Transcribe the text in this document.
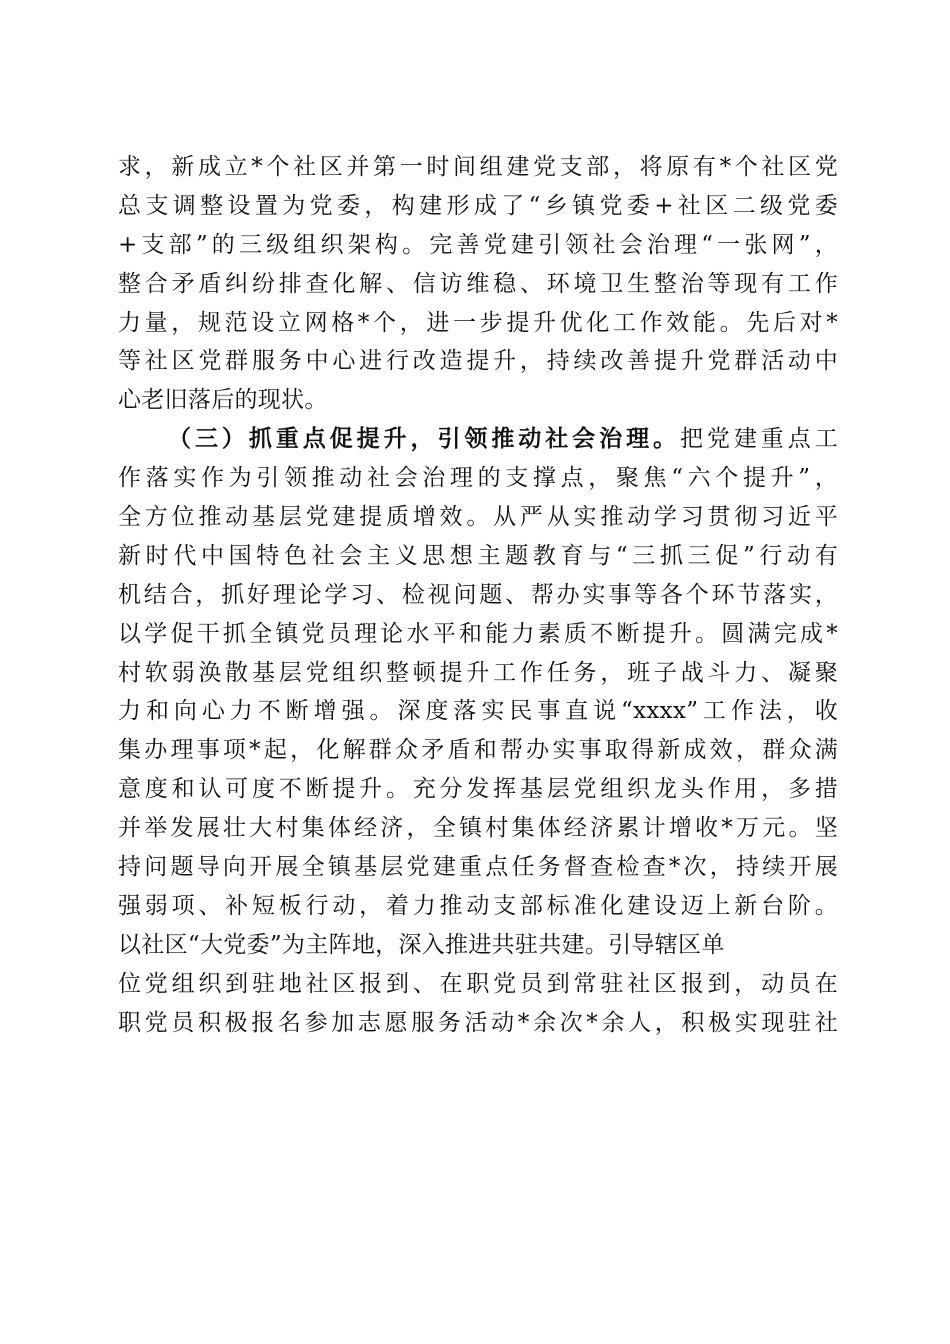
求，新成立*个社区并第一时间组建党支部，将原有*个社区党
总支调整设置为党委，构建形成了“乡镇党委+社区二级党委
+支部”的三级组织架构。完善党建引领社会治理“一张网”，
整合矛盾纠纷排查化解、信访维稳、环境卫生整治等现有工作
力量，规范设立网格*个，进一步提升优化工作效能。先后对*
等社区党群服务中心进行改造提升，持续改善提升党群活动中
心老旧落后的现状。
（三）抓重点促提升，引领推动社会治理。把党建重点工
作落实作为引领推动社会治理的支撑点，聚焦“六个提升”，
全方位推动基层党建提质增效。从严从实推动学习贯彻习近平
新时代中国特色社会主义思想主题教育与“三抓三促”行动有
机结合，抓好理论学习、检视问题、帮办实事等各个环节落实，
以学促干抓全镇党员理论水平和能力素质不断提升。圆满完成*
村软弱涣散基层党组织整顿提升工作任务，班子战斗力、凝聚
力和向心力不断增强。深度落实民事直说“xxxx”工作法，收
集办理事项*起，化解群众矛盾和帮办实事取得新成效，群众满
意度和认可度不断提升。充分发挥基层党组织龙头作用，多措
并举发展壮大村集体经济，全镇村集体经济累计增收*万元。坚
持问题导向开展全镇基层党建重点任务督查检查*次，持续开展
强弱项、补短板行动，着力推动支部标准化建设迈上新台阶。
以社区“大党委”为主阵地，深入推进共驻共建。引导辖区单
位党组织到驻地社区报到、在职党员到常驻社区报到，动员在
职党员积极报名参加志愿服务活动*余次*余人，积极实现驻社
